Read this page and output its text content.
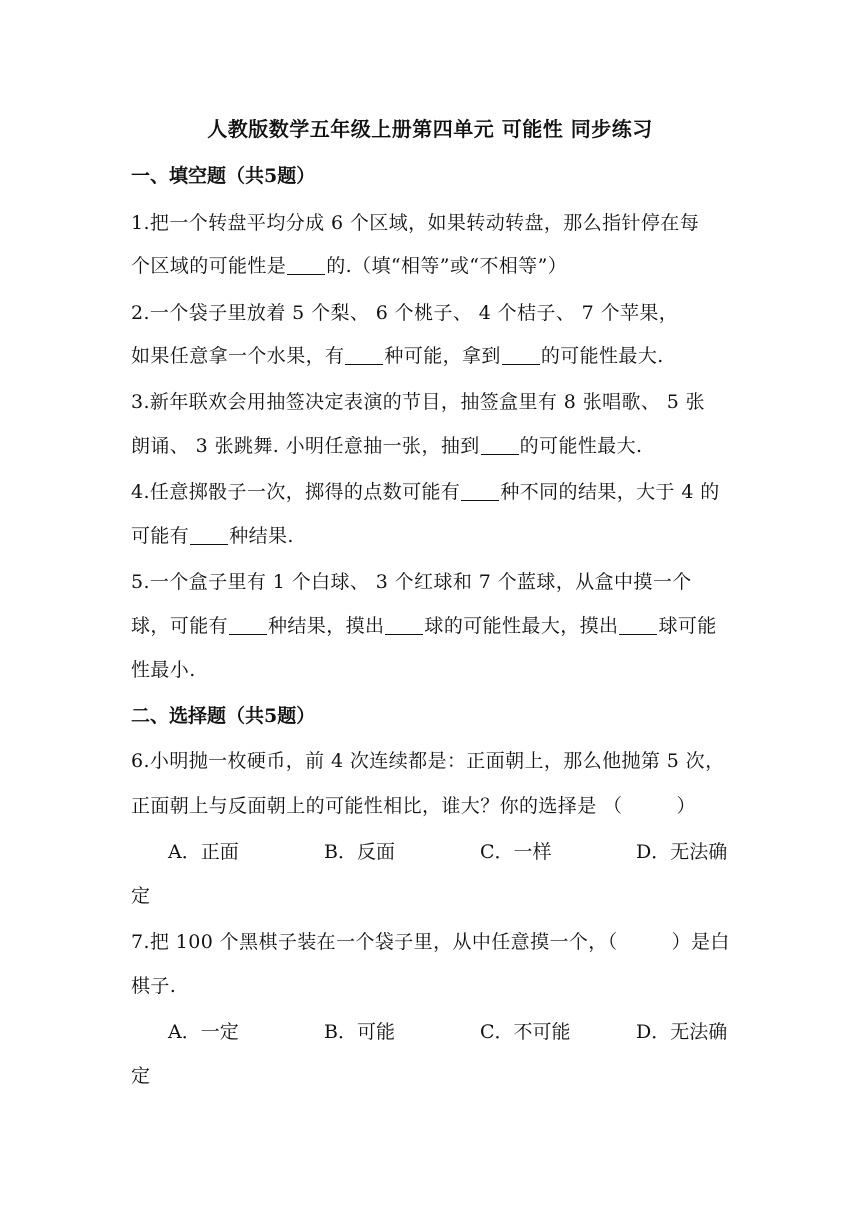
人教版数学五年级上册第四单元 可能性 同步练习
一、填空题（共5题）
1.把一个转盘平均分成 6 个区域，如果转动转盘，那么指针停在每
个区域的可能性是 的.（填“相等”或“不相等”）
2.一个袋子里放着 5 个梨、 6 个桃子、 4 个桔子、 7 个苹果，
如果任意拿一个水果，有 种可能，拿到 的可能性最大.
3.新年联欢会用抽签决定表演的节目，抽签盒里有 8 张唱歌、 5 张
朗诵、 3 张跳舞. 小明任意抽一张，抽到 的可能性最大.
4.任意掷骰子一次，掷得的点数可能有 种不同的结果，大于 4 的
可能有 种结果.
5.一个盒子里有 1 个白球、 3 个红球和 7 个蓝球，从盒中摸一个
球，可能有 种结果，摸出 球的可能性最大，摸出 球可能
性最小.
二、选择题（共5题）
6.小明抛一枚硬币，前 4 次连续都是：正面朝上，那么他抛第 5 次，
正面朝上与反面朝上的可能性相比，谁大？你的选择是 （	）
A．正面	B．反面	C．一样	D．无法确
定
7.把 100 个黑棋子装在一个袋子里，从中任意摸一个，（	）是白
棋子.
A．一定	B．可能	C．不可能	D．无法确
定
